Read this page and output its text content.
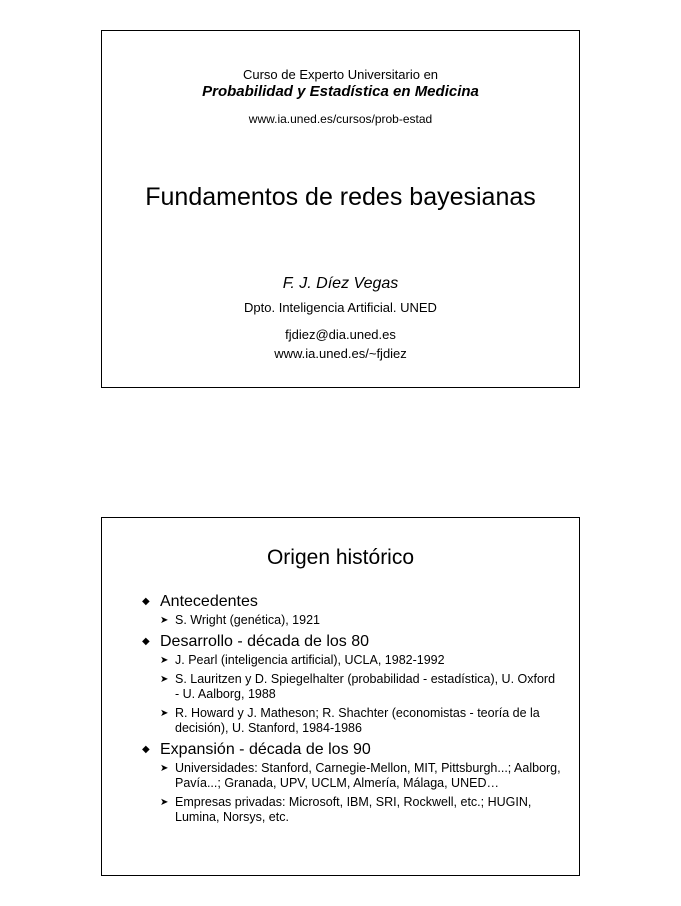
Curso de Experto Universitario en
Probabilidad y Estadística en Medicina
www.ia.uned.es/cursos/prob-estad
Fundamentos de redes bayesianas
F. J. Díez Vegas
Dpto. Inteligencia Artificial. UNED
fjdiez@dia.uned.es
www.ia.uned.es/~fjdiez
Origen histórico
◆ Antecedentes
➤ S. Wright (genética), 1921
◆ Desarrollo - década de los 80
➤ J. Pearl (inteligencia artificial), UCLA, 1982-1992
➤ S. Lauritzen y D. Spiegelhalter (probabilidad - estadística), U. Oxford - U. Aalborg, 1988
➤ R. Howard y J. Matheson; R. Shachter (economistas - teoría de la decisión), U. Stanford, 1984-1986
◆ Expansión - década de los 90
➤ Universidades: Stanford, Carnegie-Mellon, MIT, Pittsburgh...; Aalborg, Pavía...; Granada, UPV, UCLM, Almería, Málaga, UNED…
➤ Empresas privadas: Microsoft, IBM, SRI, Rockwell, etc.; HUGIN, Lumina, Norsys, etc.
